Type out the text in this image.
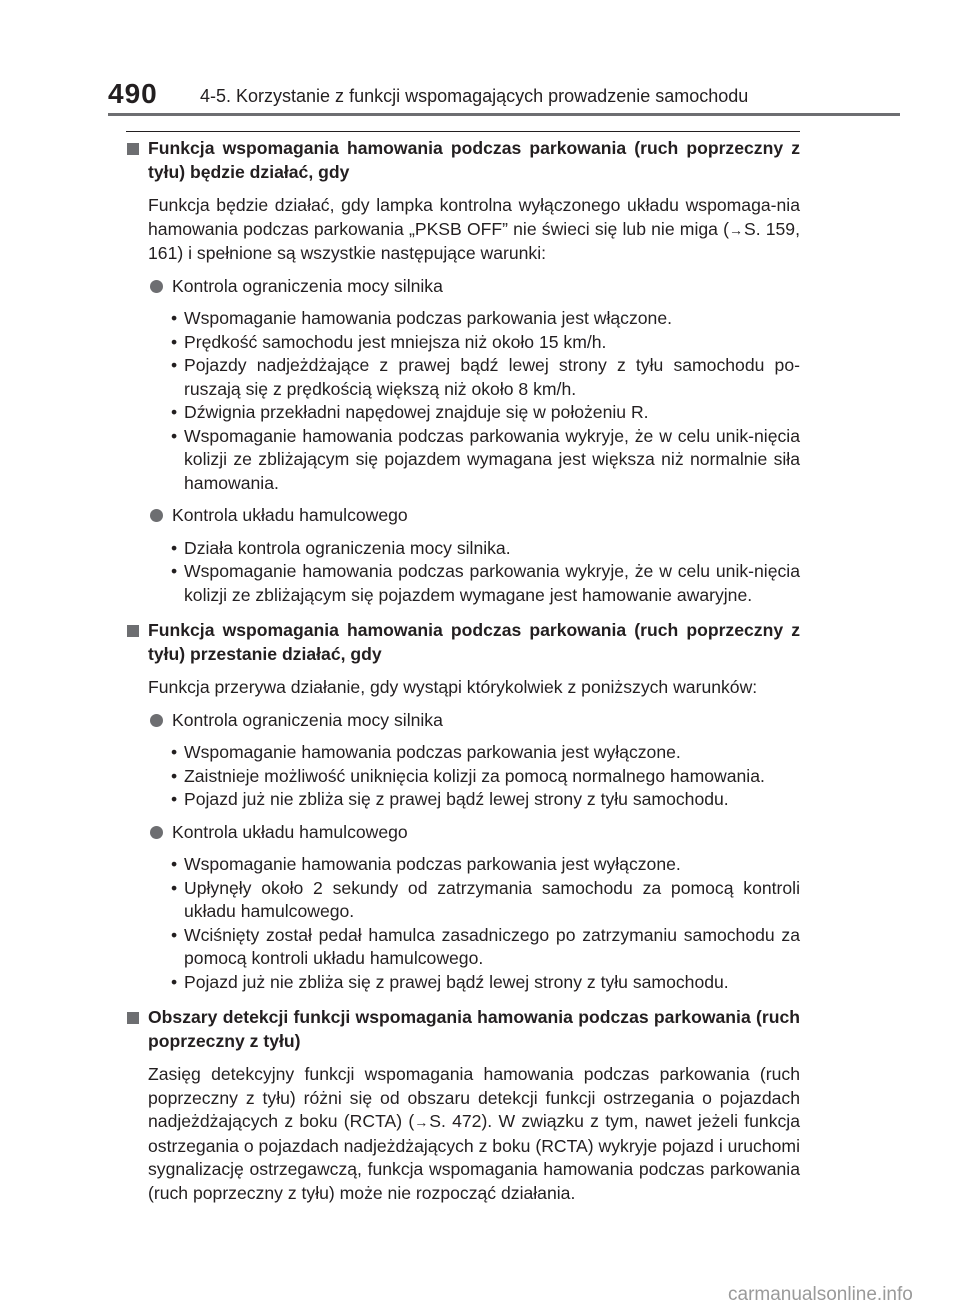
490 4-5. Korzystanie z funkcji wspomagających prowadzenie samochodu
Funkcja wspomagania hamowania podczas parkowania (ruch poprzeczny z tyłu) będzie działać, gdy
Funkcja będzie działać, gdy lampka kontrolna wyłączonego układu wspomaga-nia hamowania podczas parkowania „PKSB OFF” nie świeci się lub nie miga (→S. 159, 161) i spełnione są wszystkie następujące warunki:
Kontrola ograniczenia mocy silnika
• Wspomaganie hamowania podczas parkowania jest włączone.
• Prędkość samochodu jest mniejsza niż około 15 km/h.
• Pojazdy nadjeżdżające z prawej bądź lewej strony z tyłu samochodu po-ruszają się z prędkością większą niż około 8 km/h.
• Dźwignia przekładni napędowej znajduje się w położeniu R.
• Wspomaganie hamowania podczas parkowania wykryje, że w celu unik-nięcia kolizji ze zbliżającym się pojazdem wymagana jest większa niż normalnie siła hamowania.
Kontrola układu hamulcowego
• Działa kontrola ograniczenia mocy silnika.
• Wspomaganie hamowania podczas parkowania wykryje, że w celu unik-nięcia kolizji ze zbliżającym się pojazdem wymagane jest hamowanie awaryjne.
Funkcja wspomagania hamowania podczas parkowania (ruch poprzeczny z tyłu) przestanie działać, gdy
Funkcja przerywa działanie, gdy wystąpi którykolwiek z poniższych warunków:
Kontrola ograniczenia mocy silnika
• Wspomaganie hamowania podczas parkowania jest wyłączone.
• Zaistnieje możliwość uniknięcia kolizji za pomocą normalnego hamowania.
• Pojazd już nie zbliża się z prawej bądź lewej strony z tyłu samochodu.
Kontrola układu hamulcowego
• Wspomaganie hamowania podczas parkowania jest wyłączone.
• Upłynęły około 2 sekundy od zatrzymania samochodu za pomocą kontroli układu hamulcowego.
• Wciśnięty został pedał hamulca zasadniczego po zatrzymaniu samochodu za pomocą kontroli układu hamulcowego.
• Pojazd już nie zbliża się z prawej bądź lewej strony z tyłu samochodu.
Obszary detekcji funkcji wspomagania hamowania podczas parkowania (ruch poprzeczny z tyłu)
Zasięg detekcyjny funkcji wspomagania hamowania podczas parkowania (ruch poprzeczny z tyłu) różni się od obszaru detekcji funkcji ostrzegania o pojazdach nadjeżdżających z boku (RCTA) (→S. 472). W związku z tym, nawet jeżeli funkcja ostrzegania o pojazdach nadjeżdżających z boku (RCTA) wykryje pojazd i uruchomi sygnalizację ostrzegawczą, funkcja wspomagania hamowania podczas parkowania (ruch poprzeczny z tyłu) może nie rozpocząć działania.
carmanualsonline.info
